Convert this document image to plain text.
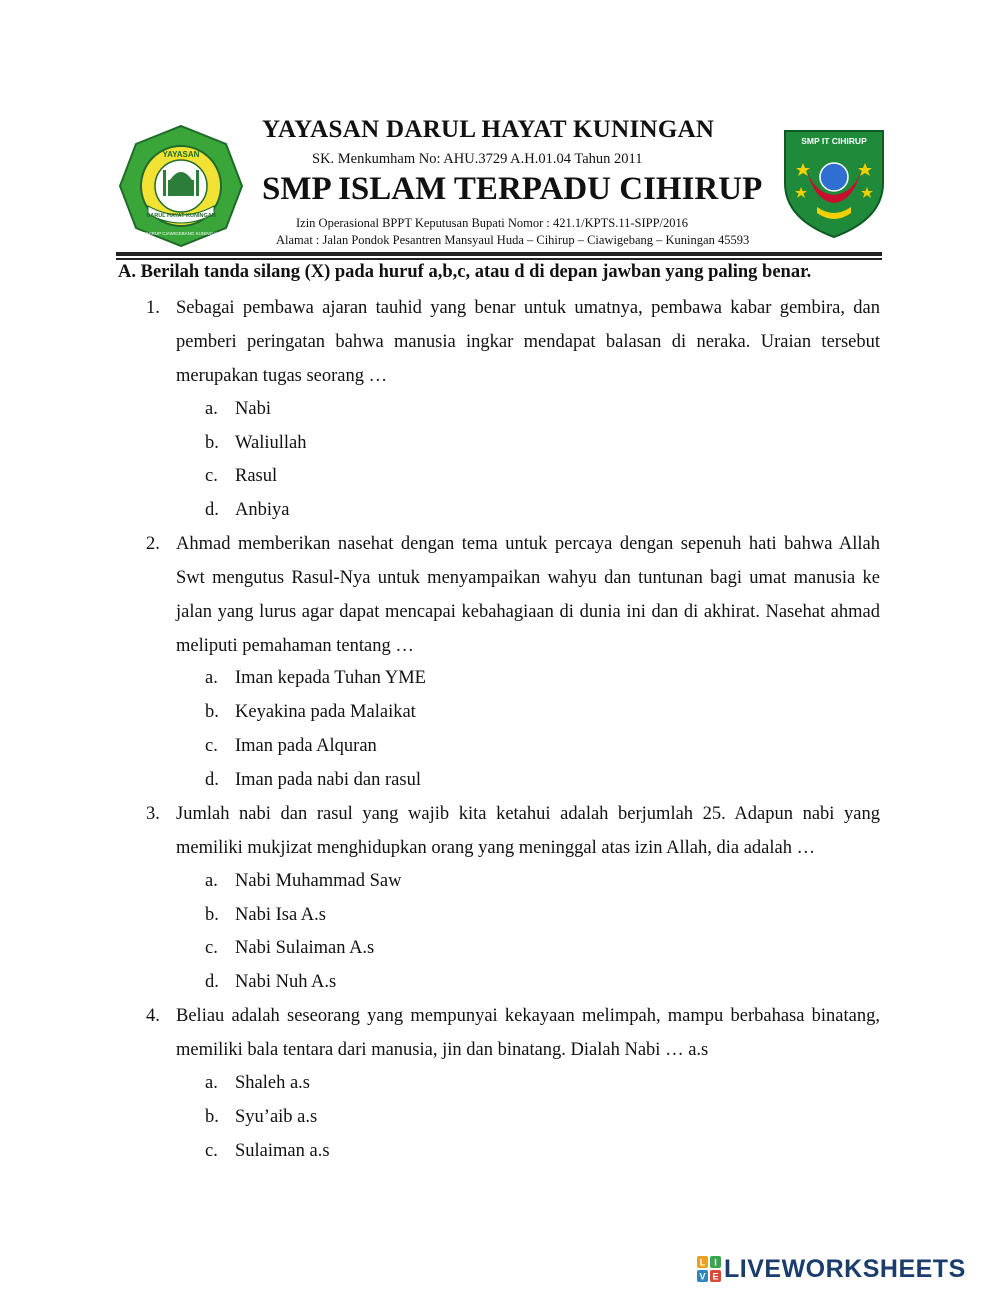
YAYASAN
DARUL HAYAT KUNINGAN
CIHIRUP CIAWIGEBANG KUNINGAN
SMP IT CIHIRUP
YAYASAN DARUL HAYAT KUNINGAN
SK. Menkumham No: AHU.3729 A.H.01.04 Tahun 2011
SMP ISLAM TERPADU CIHIRUP
Izin Operasional BPPT Keputusan Bupati Nomor : 421.1/KPTS.11-SIPP/2016
Alamat : Jalan Pondok Pesantren Mansyaul Huda – Cihirup – Ciawigebang – Kuningan 45593
A. Berilah tanda silang (X) pada huruf a,b,c, atau d di depan jawban yang paling benar.
1. Sebagai pembawa ajaran tauhid yang benar untuk umatnya, pembawa kabar gembira, dan pemberi peringatan bahwa manusia ingkar mendapat balasan di neraka. Uraian tersebut merupakan tugas seorang …
a. Nabi
b. Waliullah
c. Rasul
d. Anbiya
2. Ahmad memberikan nasehat dengan tema untuk percaya dengan sepenuh hati bahwa Allah Swt mengutus Rasul-Nya untuk menyampaikan wahyu dan tuntunan bagi umat manusia ke jalan yang lurus agar dapat mencapai kebahagiaan di dunia ini dan di akhirat. Nasehat ahmad meliputi pemahaman tentang …
a. Iman kepada Tuhan YME
b. Keyakina pada Malaikat
c. Iman pada Alquran
d. Iman pada nabi dan rasul
3. Jumlah nabi dan rasul yang wajib kita ketahui adalah berjumlah 25. Adapun nabi yang memiliki mukjizat menghidupkan orang yang meninggal atas izin Allah, dia adalah …
a. Nabi Muhammad Saw
b. Nabi Isa A.s
c. Nabi Sulaiman A.s
d. Nabi Nuh A.s
4. Beliau adalah seseorang yang mempunyai kekayaan melimpah, mampu berbahasa binatang, memiliki bala tentara dari manusia, jin dan binatang. Dialah Nabi … a.s
a. Shaleh a.s
b. Syu’aib a.s
c. Sulaiman a.s
L I
V E LIVEWORKSHEETS
